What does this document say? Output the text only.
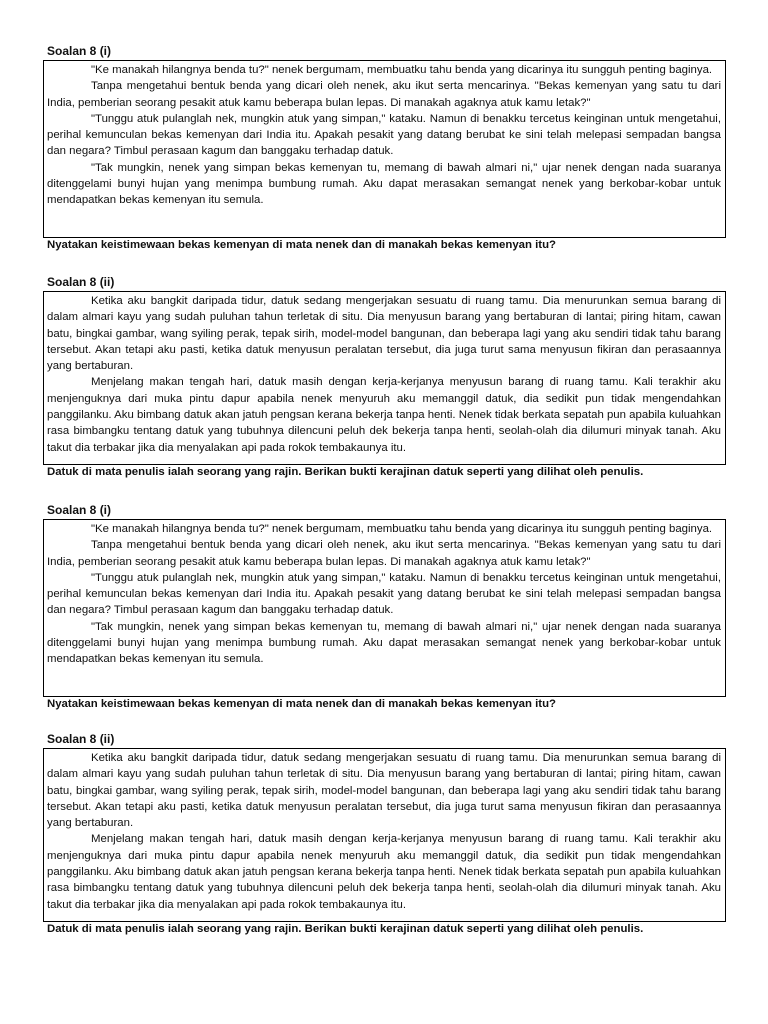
Soalan 8 (i)

"Ke manakah hilangnya benda tu?" nenek bergumam, membuatku tahu benda yang dicarinya itu sungguh penting baginya.

Tanpa mengetahui bentuk benda yang dicari oleh nenek, aku ikut serta mencarinya. "Bekas kemenyan yang satu tu dari India, pemberian seorang pesakit atuk kamu beberapa bulan lepas. Di manakah agaknya atuk kamu letak?"

"Tunggu atuk pulanglah nek, mungkin atuk yang simpan," kataku. Namun di benakku tercetus keinginan untuk mengetahui, perihal kemunculan bekas kemenyan dari India itu. Apakah pesakit yang datang berubat ke sini telah melepasi sempadan bangsa dan negara? Timbul perasaan kagum dan banggaku terhadap datuk.

"Tak mungkin, nenek yang simpan bekas kemenyan tu, memang di bawah almari ni," ujar nenek dengan nada suaranya ditenggelami bunyi hujan yang menimpa bumbung rumah. Aku dapat merasakan semangat nenek yang berkobar-kobar untuk mendapatkan bekas kemenyan itu semula.

Nyatakan keistimewaan bekas kemenyan di mata nenek dan di manakah bekas kemenyan itu?
Soalan 8 (ii)

Ketika aku bangkit daripada tidur, datuk sedang mengerjakan sesuatu di ruang tamu. Dia menurunkan semua barang di dalam almari kayu yang sudah puluhan tahun terletak di situ. Dia menyusun barang yang bertaburan di lantai; piring hitam, cawan batu, bingkai gambar, wang syiling perak, tepak sirih, model-model bangunan, dan beberapa lagi yang aku sendiri tidak tahu barang tersebut. Akan tetapi aku pasti, ketika datuk menyusun peralatan tersebut, dia juga turut sama menyusun fikiran dan perasaannya yang bertaburan.

Menjelang makan tengah hari, datuk masih dengan kerja-kerjanya menyusun barang di ruang tamu. Kali terakhir aku menjenguknya dari muka pintu dapur apabila nenek menyuruh aku memanggil datuk, dia sedikit pun tidak mengendahkan panggilanku. Aku bimbang datuk akan jatuh pengsan kerana bekerja tanpa henti. Nenek tidak berkata sepatah pun apabila kuluahkan rasa bimbangku tentang datuk yang tubuhnya dilencuni peluh dek bekerja tanpa henti, seolah-olah dia dilumuri minyak tanah. Aku takut dia terbakar jika dia menyalakan api pada rokok tembakaunya itu.

Datuk di mata penulis ialah seorang yang rajin. Berikan bukti kerajinan datuk seperti yang dilihat oleh penulis.
Soalan 8 (i)

"Ke manakah hilangnya benda tu?" nenek bergumam, membuatku tahu benda yang dicarinya itu sungguh penting baginya.

Tanpa mengetahui bentuk benda yang dicari oleh nenek, aku ikut serta mencarinya. "Bekas kemenyan yang satu tu dari India, pemberian seorang pesakit atuk kamu beberapa bulan lepas. Di manakah agaknya atuk kamu letak?"

"Tunggu atuk pulanglah nek, mungkin atuk yang simpan," kataku. Namun di benakku tercetus keinginan untuk mengetahui, perihal kemunculan bekas kemenyan dari India itu. Apakah pesakit yang datang berubat ke sini telah melepasi sempadan bangsa dan negara? Timbul perasaan kagum dan banggaku terhadap datuk.

"Tak mungkin, nenek yang simpan bekas kemenyan tu, memang di bawah almari ni," ujar nenek dengan nada suaranya ditenggelami bunyi hujan yang menimpa bumbung rumah. Aku dapat merasakan semangat nenek yang berkobar-kobar untuk mendapatkan bekas kemenyan itu semula.

Nyatakan keistimewaan bekas kemenyan di mata nenek dan di manakah bekas kemenyan itu?
Soalan 8 (ii)

Ketika aku bangkit daripada tidur, datuk sedang mengerjakan sesuatu di ruang tamu. Dia menurunkan semua barang di dalam almari kayu yang sudah puluhan tahun terletak di situ. Dia menyusun barang yang bertaburan di lantai; piring hitam, cawan batu, bingkai gambar, wang syiling perak, tepak sirih, model-model bangunan, dan beberapa lagi yang aku sendiri tidak tahu barang tersebut. Akan tetapi aku pasti, ketika datuk menyusun peralatan tersebut, dia juga turut sama menyusun fikiran dan perasaannya yang bertaburan.

Menjelang makan tengah hari, datuk masih dengan kerja-kerjanya menyusun barang di ruang tamu. Kali terakhir aku menjenguknya dari muka pintu dapur apabila nenek menyuruh aku memanggil datuk, dia sedikit pun tidak mengendahkan panggilanku. Aku bimbang datuk akan jatuh pengsan kerana bekerja tanpa henti. Nenek tidak berkata sepatah pun apabila kuluahkan rasa bimbangku tentang datuk yang tubuhnya dilencuni peluh dek bekerja tanpa henti, seolah-olah dia dilumuri minyak tanah. Aku takut dia terbakar jika dia menyalakan api pada rokok tembakaunya itu.

Datuk di mata penulis ialah seorang yang rajin. Berikan bukti kerajinan datuk seperti yang dilihat oleh penulis.
